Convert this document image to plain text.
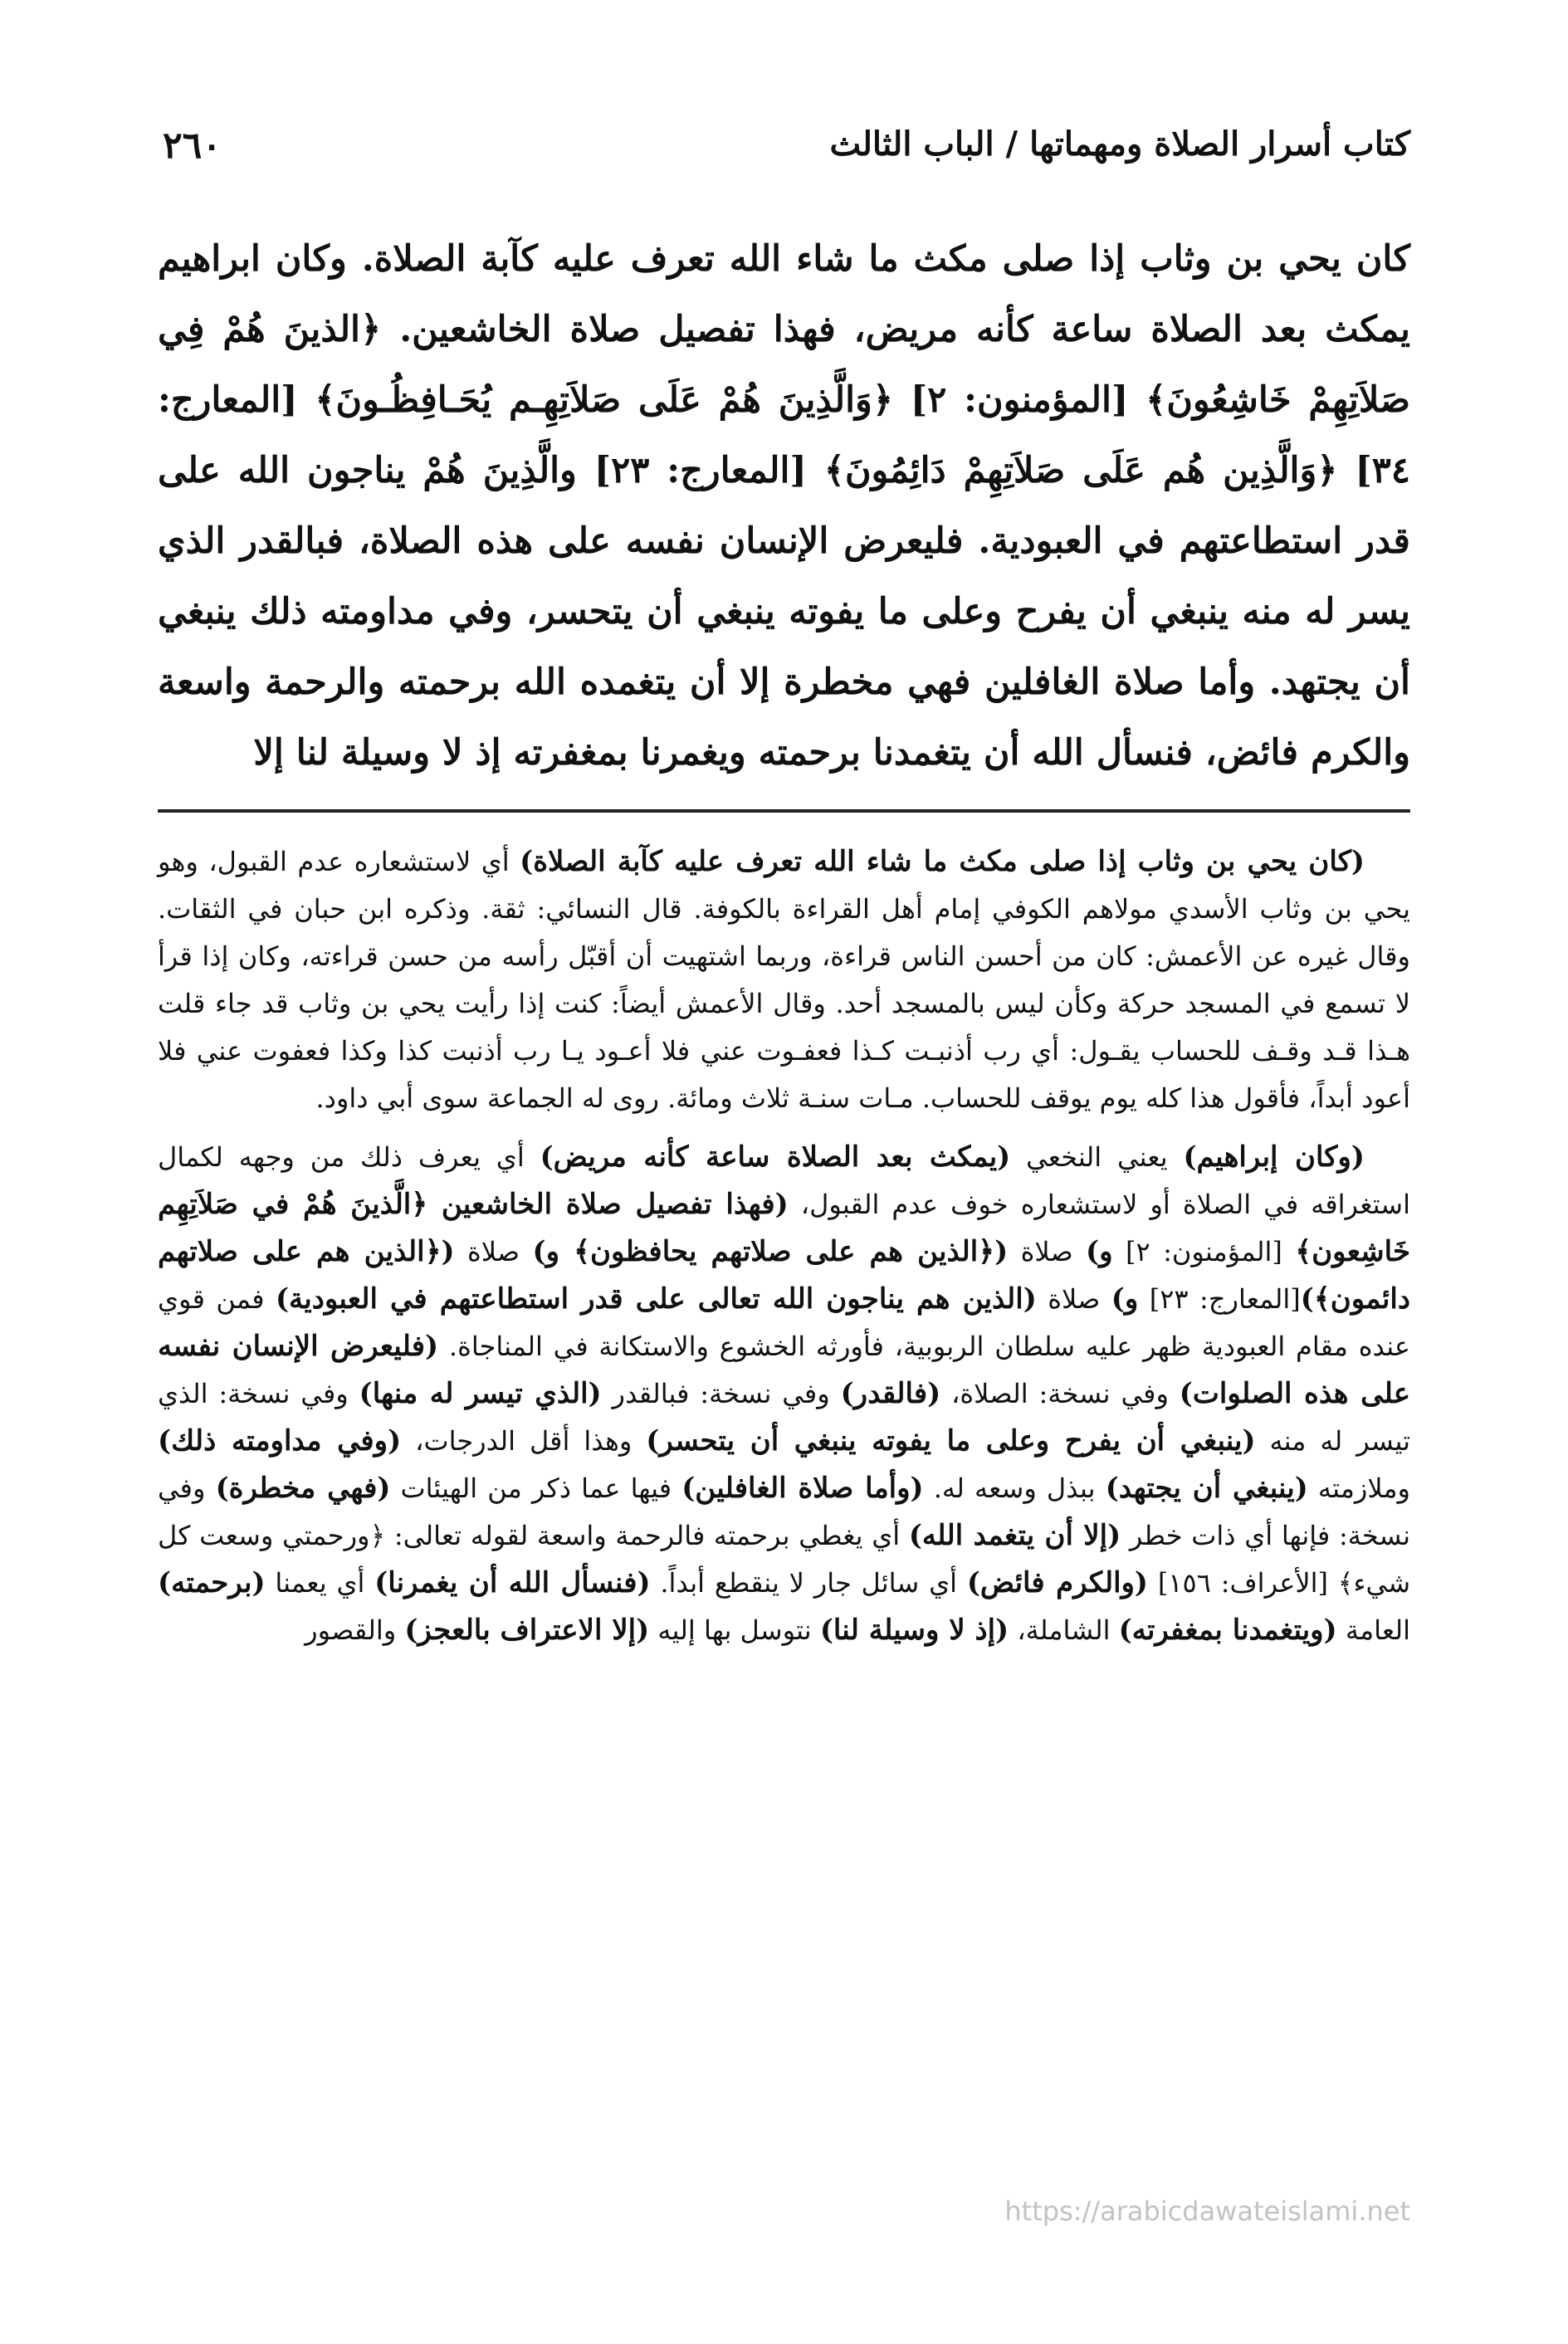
٢٦٠	كتاب أسرار الصلاة ومهماتها / الباب الثالث
كان يحي بن وثاب إذا صلى مكث ما شاء الله تعرف عليه كآبة الصلاة. وكان ابراهيم يمكث بعد الصلاة ساعة كأنه مريض، فهذا تفصيل صلاة الخاشعين. ﴿الذينَ هُمْ فِي صَلاَتِهِمْ خَاشِعُونَ﴾ [المؤمنون: ٢] ﴿وَالَّذِينَ هُمْ عَلَى صَلاَتِهِـم يُحَـافِظُـونَ﴾ [المعارج: ٣٤] ﴿وَالَّذِين هُم عَلَى صَلاَتِهِمْ دَائِمُونَ﴾ [المعارج: ٢٣] والَّذِينَ هُمْ يناجون الله على قدر استطاعتهم في العبودية. فليعرض الإنسان نفسه على هذه الصلاة، فبالقدر الذي يسر له منه ينبغي أن يفرح وعلى ما يفوته ينبغي أن يتحسر، وفي مداومته ذلك ينبغي أن يجتهد. وأما صلاة الغافلين فهي مخطرة إلا أن يتغمده الله برحمته والرحمة واسعة والكرم فائض، فنسأل الله أن يتغمدنا برحمته ويغمرنا بمغفرته إذ لا وسيلة لنا إلا

(كان يحي بن وثاب إذا صلى مكث ما شاء الله تعرف عليه كآبة الصلاة) أي لاستشعاره عدم القبول، وهو يحي بن وثاب الأسدي مولاهم الكوفي إمام أهل القراءة بالكوفة. قال النسائي: ثقة. وذكره ابن حبان في الثقات. وقال غيره عن الأعمش: كان من أحسن الناس قراءة، وربما اشتهيت أن أقبّل رأسه من حسن قراءته، وكان إذا قرأ لا تسمع في المسجد حركة وكأن ليس بالمسجد أحد. وقال الأعمش أيضاً: كنت إذا رأيت يحي بن وثاب قد جاء قلت هـذا قـد وقـف للحساب يقـول: أي رب أذنبـت كـذا فعفـوت عني فلا أعـود يـا رب أذنبت كذا وكذا فعفوت عني فلا أعود أبداً، فأقول هذا كله يوم يوقف للحساب. مـات سنـة ثلاث ومائة. روى له الجماعة سوى أبي داود.

(وكان إبراهيم) يعني النخعي (يمكث بعد الصلاة ساعة كأنه مريض) أي يعرف ذلك من وجهه لكمال استغراقه في الصلاة أو لاستشعاره خوف عدم القبول، (فهذا تفصيل صلاة الخاشعين ﴿الَّذينَ هُمْ في صَلاَتِهِم خَاشِعون﴾ [المؤمنون: ٢] و) صلاة (﴿الذين هم على صلاتهم يحافظون﴾ و) صلاة (﴿الذين هم على صلاتهم دائمون﴾)[المعارج: ٢٣] و) صلاة (الذين هم يناجون الله تعالى على قدر استطاعتهم في العبودية) فمن قوي عنده مقام العبودية ظهر عليه سلطان الربوبية، فأورثه الخشوع والاستكانة في المناجاة. (فليعرض الإنسان نفسه على هذه الصلوات) وفي نسخة: الصلاة، (فالقدر) وفي نسخة: فبالقدر (الذي تيسر له منها) وفي نسخة: الذي تيسر له منه (ينبغي أن يفرح وعلى ما يفوته ينبغي أن يتحسر) وهذا أقل الدرجات، (وفي مداومته ذلك) وملازمته (ينبغي أن يجتهد) ببذل وسعه له. (وأما صلاة الغافلين) فيها عما ذكر من الهيئات (فهي مخطرة) وفي نسخة: فإنها أي ذات خطر (إلا أن يتغمد الله) أي يغطي برحمته فالرحمة واسعة لقوله تعالى: ﴿ورحمتي وسعت كل شيء﴾ [الأعراف: ١٥٦] (والكرم فائض) أي سائل جار لا ينقطع أبداً. (فنسأل الله أن يغمرنا) أي يعمنا (برحمته) العامة (ويتغمدنا بمغفرته) الشاملة، (إذ لا وسيلة لنا) نتوسل بها إليه (إلا الاعتراف بالعجز) والقصور

https://arabicdawateislami.net
